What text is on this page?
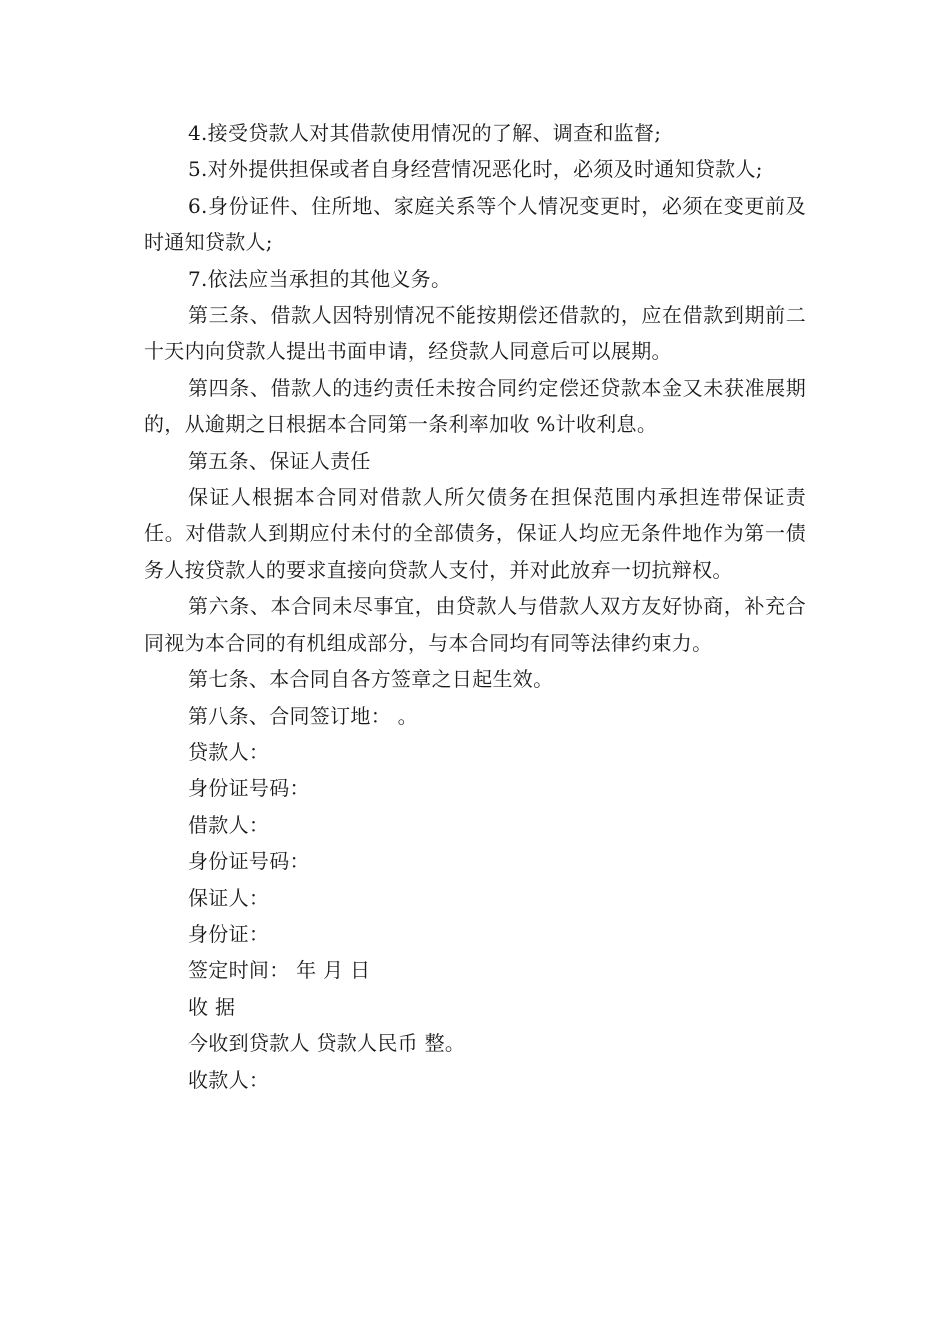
4.接受贷款人对其借款使用情况的了解、调查和监督;

5.对外提供担保或者自身经营情况恶化时，必须及时通知贷款人;

6.身份证件、住所地、家庭关系等个人情况变更时，必须在变更前及时通知贷款人;

7.依法应当承担的其他义务。

第三条、借款人因特别情况不能按期偿还借款的，应在借款到期前二十天内向贷款人提出书面申请，经贷款人同意后可以展期。

第四条、借款人的违约责任未按合同约定偿还贷款本金又未获准展期的，从逾期之日根据本合同第一条利率加收 %计收利息。

第五条、保证人责任

保证人根据本合同对借款人所欠债务在担保范围内承担连带保证责任。对借款人到期应付未付的全部债务，保证人均应无条件地作为第一债务人按贷款人的要求直接向贷款人支付，并对此放弃一切抗辩权。

第六条、本合同未尽事宜，由贷款人与借款人双方友好协商，补充合同视为本合同的有机组成部分，与本合同均有同等法律约束力。

第七条、本合同自各方签章之日起生效。

第八条、合同签订地： 。

贷款人：

身份证号码：

借款人：

身份证号码：

保证人：

身份证：

签定时间： 年 月 日

收 据

今收到贷款人 贷款人民币 整。

收款人：
